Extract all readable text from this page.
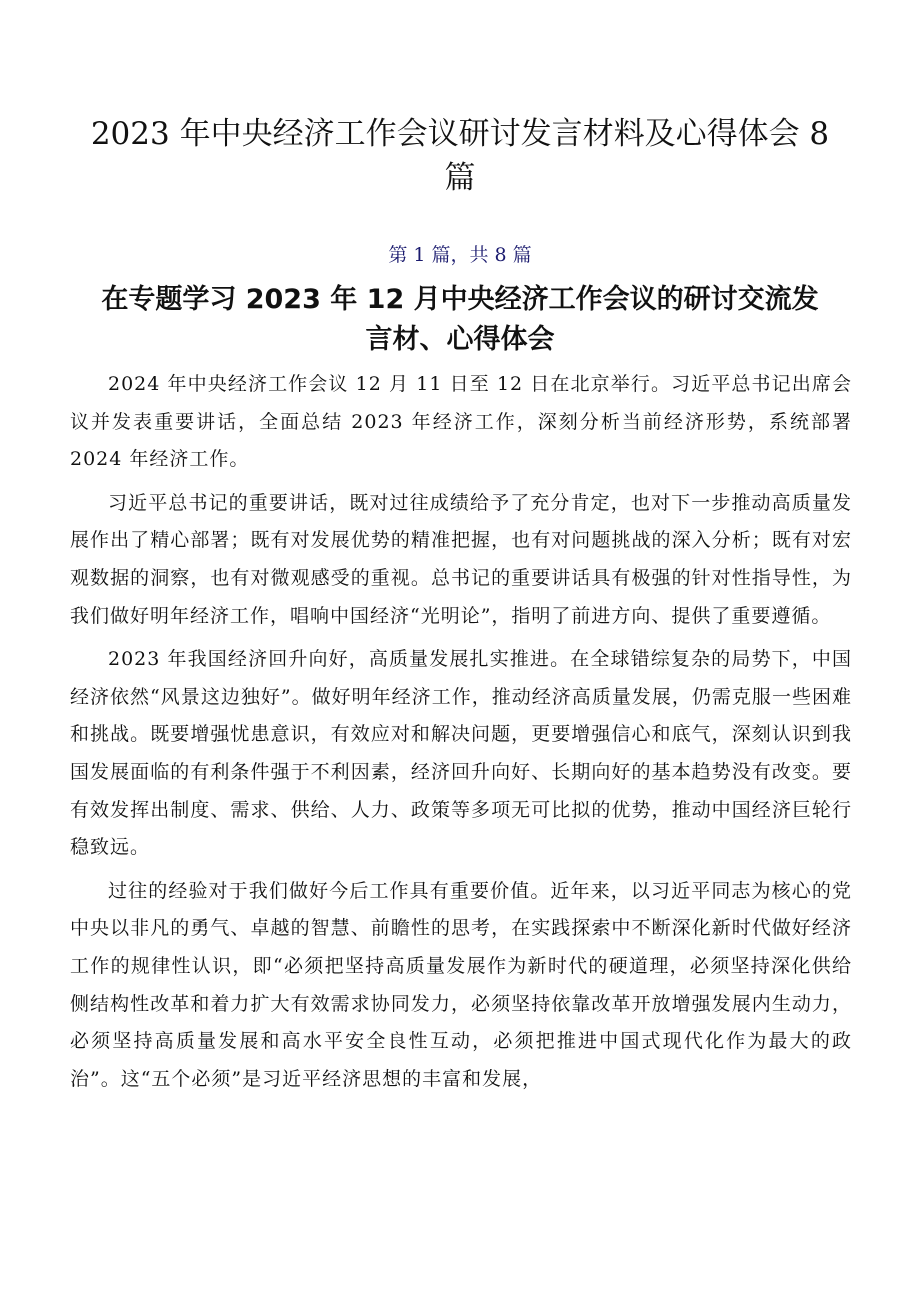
2023 年中央经济工作会议研讨发言材料及心得体会 8
篇
第 1 篇，共 8 篇
在专题学习 2023 年 12 月中央经济工作会议的研讨交流发
言材、心得体会

2024 年中央经济工作会议 12 月 11 日至 12 日在北京举行。习近平总书记出席会议并发表重要讲话，全面总结 2023 年经济工作，深刻分析当前经济形势，系统部署 2024 年经济工作。

习近平总书记的重要讲话，既对过往成绩给予了充分肯定，也对下一步推动高质量发展作出了精心部署；既有对发展优势的精准把握，也有对问题挑战的深入分析；既有对宏观数据的洞察，也有对微观感受的重视。总书记的重要讲话具有极强的针对性指导性，为我们做好明年经济工作，唱响中国经济“光明论”，指明了前进方向、提供了重要遵循。

2023 年我国经济回升向好，高质量发展扎实推进。在全球错综复杂的局势下，中国经济依然“风景这边独好”。做好明年经济工作，推动经济高质量发展，仍需克服一些困难和挑战。既要增强忧患意识，有效应对和解决问题，更要增强信心和底气，深刻认识到我国发展面临的有利条件强于不利因素，经济回升向好、长期向好的基本趋势没有改变。要有效发挥出制度、需求、供给、人力、政策等多项无可比拟的优势，推动中国经济巨轮行稳致远。

过往的经验对于我们做好今后工作具有重要价值。近年来，以习近平同志为核心的党中央以非凡的勇气、卓越的智慧、前瞻性的思考，在实践探索中不断深化新时代做好经济工作的规律性认识，即“必须把坚持高质量发展作为新时代的硬道理，必须坚持深化供给侧结构性改革和着力扩大有效需求协同发力，必须坚持依靠改革开放增强发展内生动力，必须坚持高质量发展和高水平安全良性互动，必须把推进中国式现代化作为最大的政治”。这“五个必须”是习近平经济思想的丰富和发展，
